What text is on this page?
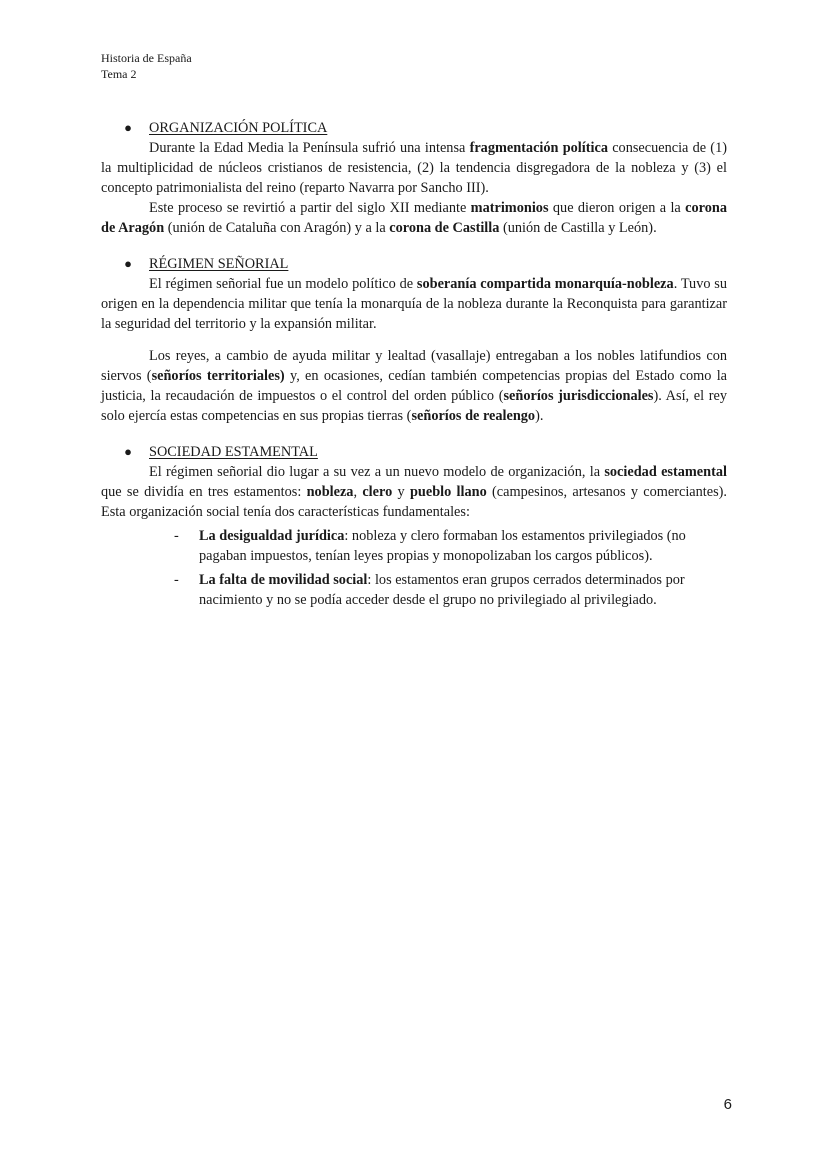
Historia de España
Tema 2
● ORGANIZACIÓN POLÍTICA

Durante la Edad Media la Península sufrió una intensa fragmentación política consecuencia de (1) la multiplicidad de núcleos cristianos de resistencia, (2) la tendencia disgregadora de la nobleza y (3) el concepto patrimonialista del reino (reparto Navarra por Sancho III).

Este proceso se revirtió a partir del siglo XII mediante matrimonios que dieron origen a la corona de Aragón (unión de Cataluña con Aragón) y a la corona de Castilla (unión de Castilla y León).

● RÉGIMEN SEÑORIAL

El régimen señorial fue un modelo político de soberanía compartida monarquía-nobleza. Tuvo su origen en la dependencia militar que tenía la monarquía de la nobleza durante la Reconquista para garantizar la seguridad del territorio y la expansión militar.

Los reyes, a cambio de ayuda militar y lealtad (vasallaje) entregaban a los nobles latifundios con siervos (señoríos territoriales) y, en ocasiones, cedían también competencias propias del Estado como la justicia, la recaudación de impuestos o el control del orden público (señoríos jurisdiccionales). Así, el rey solo ejercía estas competencias en sus propias tierras (señoríos de realengo).

● SOCIEDAD ESTAMENTAL

El régimen señorial dio lugar a su vez a un nuevo modelo de organización, la sociedad estamental que se dividía en tres estamentos: nobleza, clero y pueblo llano (campesinos, artesanos y comerciantes). Esta organización social tenía dos características fundamentales:

- La desigualdad jurídica: nobleza y clero formaban los estamentos privilegiados (no pagaban impuestos, tenían leyes propias y monopolizaban los cargos públicos).
- La falta de movilidad social: los estamentos eran grupos cerrados determinados por nacimiento y no se podía acceder desde el grupo no privilegiado al privilegiado.
6
